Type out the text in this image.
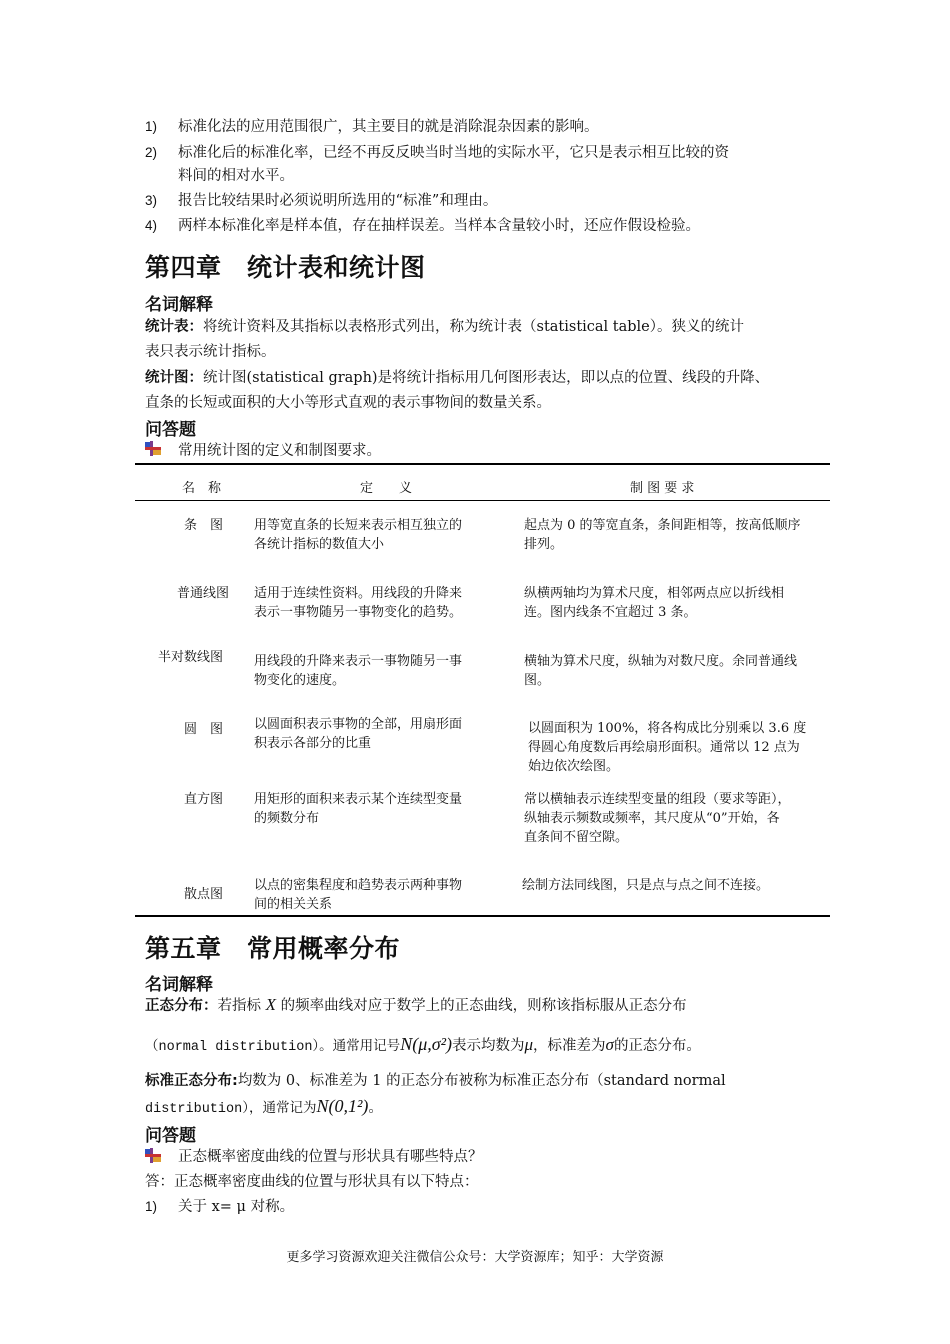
1) 标准化法的应用范围很广，其主要目的就是消除混杂因素的影响。
2) 标准化后的标准化率，已经不再反反映当时当地的实际水平，它只是表示相互比较的资
料间的相对水平。
3) 报告比较结果时必须说明所选用的“标准”和理由。
4) 两样本标准化率是样本值，存在抽样误差。当样本含量较小时，还应作假设检验。
第四章　统计表和统计图
名词解释
统计表：将统计资料及其指标以表格形式列出，称为统计表（statistical table）。狭义的统计
表只表示统计指标。
统计图：统计图(statistical graph)是将统计指标用几何图形表达，即以点的位置、线段的升降、
直条的长短或面积的大小等形式直观的表示事物间的数量关系。
问答题
常用统计图的定义和制图要求。
名　称	定　　义	制 图 要 求
条　图 用等宽直条的长短来表示相互独立的
各统计指标的数值大小
起点为 0 的等宽直条，条间距相等，按高低顺序
排列。
普通线图 适用于连续性资料。用线段的升降来
表示一事物随另一事物变化的趋势。
纵横两轴均为算术尺度，相邻两点应以折线相
连。图内线条不宜超过 3 条。
半对数线图 用线段的升降来表示一事物随另一事
物变化的速度。
横轴为算术尺度，纵轴为对数尺度。余同普通线
图。
圆　图 以圆面积表示事物的全部，用扇形面
积表示各部分的比重
以圆面积为 100%，将各构成比分别乘以 3.6 度
得圆心角度数后再绘扇形面积。通常以 12 点为
始边依次绘图。
直方图 用矩形的面积来表示某个连续型变量
的频数分布
常以横轴表示连续型变量的组段（要求等距），
纵轴表示频数或频率，其尺度从“0”开始，各
直条间不留空隙。
散点图
以点的密集程度和趋势表示两种事物
间的相关关系
绘制方法同线图，只是点与点之间不连接。
第五章　常用概率分布
名词解释
正态分布：若指标 X 的频率曲线对应于数学上的正态曲线，则称该指标服从正态分布
（normal distribution）。通常用记号N(μ,σ²)表示均数为μ，标准差为σ的正态分布。
标准正态分布:均数为 0、标准差为 1 的正态分布被称为标准正态分布（standard normal
distribution），通常记为N(0,1²)。
问答题
正态概率密度曲线的位置与形状具有哪些特点？
答：正态概率密度曲线的位置与形状具有以下特点：
1) 关于 x= μ 对称。
更多学习资源欢迎关注微信公众号：大学资源库；知乎：大学资源
